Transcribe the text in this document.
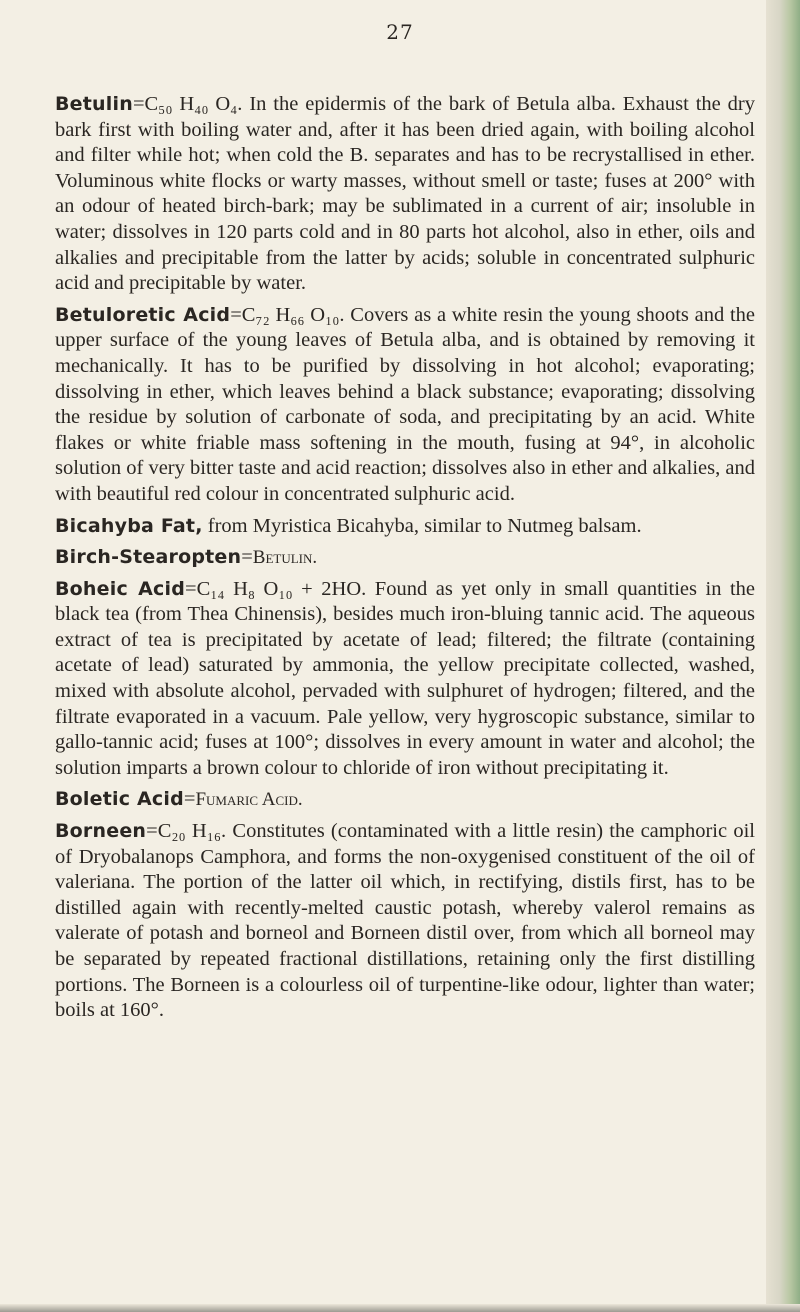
27

Betulin=C₅₀ H₄₀ O₄. In the epidermis of the bark of Betula alba. Exhaust the dry bark first with boiling water and, after it has been dried again, with boiling alcohol and filter while hot; when cold the B. separates and has to be recrystallised in ether. Voluminous white flocks or warty masses, without smell or taste; fuses at 200° with an odour of heated birch-bark; may be sublimated in a current of air; insoluble in water; dissolves in 120 parts cold and in 80 parts hot alcohol, also in ether, oils and alkalies and precipitable from the latter by acids; soluble in concentrated sulphuric acid and precipitable by water.

Betuloretic Acid=C₇₂ H₆₆ O₁₀. Covers as a white resin the young shoots and the upper surface of the young leaves of Betula alba, and is obtained by removing it mechanically. It has to be purified by dissolving in hot alcohol; evaporating; dissolving in ether, which leaves behind a black substance; evaporating; dissolving the residue by solution of carbonate of soda, and precipitating by an acid. White flakes or white friable mass softening in the mouth, fusing at 94°, in alcoholic solution of very bitter taste and acid reaction; dissolves also in ether and alkalies, and with beautiful red colour in concentrated sulphuric acid.

Bicahyba Fat, from Myristica Bicahyba, similar to Nutmeg balsam.

Birch-Stearopten=Betulin.

Boheic Acid=C₁₄ H₈ O₁₀ + 2HO. Found as yet only in small quantities in the black tea (from Thea Chinensis), besides much iron-bluing tannic acid. The aqueous extract of tea is precipitated by acetate of lead; filtered; the filtrate (containing acetate of lead) saturated by ammonia, the yellow precipitate collected, washed, mixed with absolute alcohol, pervaded with sulphuret of hydrogen; filtered, and the filtrate evaporated in a vacuum. Pale yellow, very hygroscopic substance, similar to gallo-tannic acid; fuses at 100°; dissolves in every amount in water and alcohol; the solution imparts a brown colour to chloride of iron without precipitating it.

Boletic Acid=Fumaric Acid.

Borneen=C₂₀ H₁₆. Constitutes (contaminated with a little resin) the camphoric oil of Dryobalanops Camphora, and forms the non-oxygenised constituent of the oil of valeriana. The portion of the latter oil which, in rectifying, distils first, has to be distilled again with recently-melted caustic potash, whereby valerol remains as valerate of potash and borneol and Borneen distil over, from which all borneol may be separated by repeated fractional distillations, retaining only the first distilling portions. The Borneen is a colourless oil of turpentine-like odour, lighter than water; boils at 160°.
